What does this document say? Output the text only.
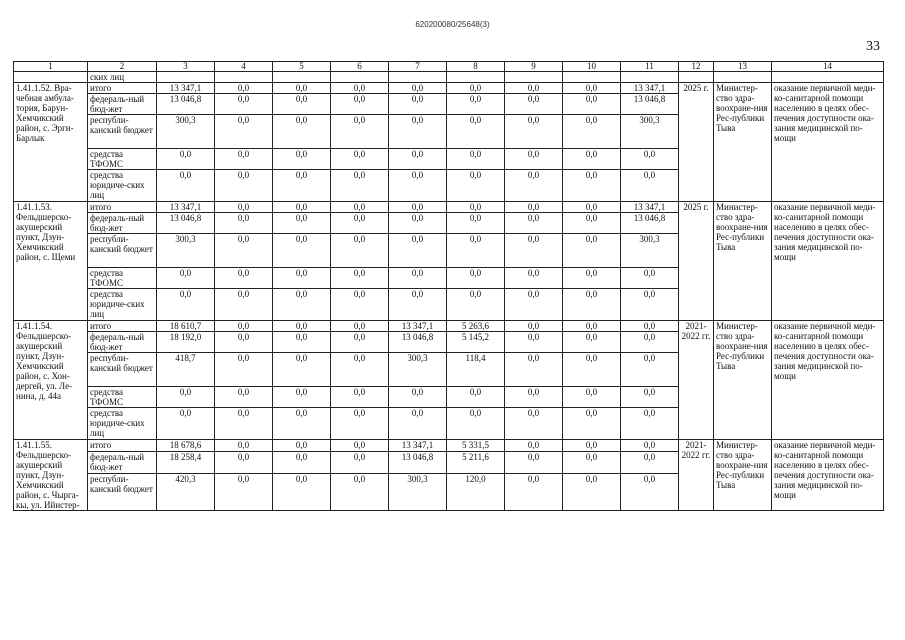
620200080/25648(3)
33
1	2	3	4	5	6	7	8	9	10	11	12	13	14
	ских лиц												
1.41.1.52. Вра-чебная амбула-тория, Барун-Хемчикский район, с. Эрги-Барлык	итого	13 347,1	0,0	0,0	0,0	0,0	0,0	0,0	0,0	13 347,1	2025 г.	Министер-ство здра-воохране-ния Рес-публики Тыва	оказание первичной меди-ко-санитарной помощи населению в целях обес-печения доступности ока-зания медицинской по-мощи
	федераль-ный бюд-жет	13 046,8	0,0	0,0	0,0	0,0	0,0	0,0	0,0	13 046,8			
	республи-канский бюджет	300,3	0,0	0,0	0,0	0,0	0,0	0,0	0,0	300,3			
	средства ТФОМС	0,0	0,0	0,0	0,0	0,0	0,0	0,0	0,0	0,0			
	средства юридиче-ских лиц	0,0	0,0	0,0	0,0	0,0	0,0	0,0	0,0	0,0			
1.41.1.53. Фельдшерско-акушерский пункт, Дзун-Хемчикский район, с. Щеми	итого	13 347,1	0,0	0,0	0,0	0,0	0,0	0,0	0,0	13 347,1	2025 г.	Министер-ство здра-воохране-ния Рес-публики Тыва	оказание первичной меди-ко-санитарной помощи населению в целях обес-печения доступности ока-зания медицинской по-мощи
	федераль-ный бюд-жет	13 046,8	0,0	0,0	0,0	0,0	0,0	0,0	0,0	13 046,8			
	республи-канский бюджет	300,3	0,0	0,0	0,0	0,0	0,0	0,0	0,0	300,3			
	средства ТФОМС	0,0	0,0	0,0	0,0	0,0	0,0	0,0	0,0	0,0			
	средства юридиче-ских лиц	0,0	0,0	0,0	0,0	0,0	0,0	0,0	0,0	0,0			
1.41.1.54. Фельдшерско-акушерский пункт, Дзун-Хемчикский район, с. Хон-дергей, ул. Ле-нина, д. 44а	итого	18 610,7	0,0	0,0	0,0	13 347,1	5 263,6	0,0	0,0	0,0	2021-2022 гг.	Министер-ство здра-воохране-ния Рес-публики Тыва	оказание первичной меди-ко-санитарной помощи населению в целях обес-печения доступности ока-зания медицинской по-мощи
	федераль-ный бюд-жет	18 192,0	0,0	0,0	0,0	13 046,8	5 145,2	0,0	0,0	0,0			
	республи-канский бюджет	418,7	0,0	0,0	0,0	300,3	118,4	0,0	0,0	0,0			
	средства ТФОМС	0,0	0,0	0,0	0,0	0,0	0,0	0,0	0,0	0,0			
	средства юридиче-ских лиц	0,0	0,0	0,0	0,0	0,0	0,0	0,0	0,0	0,0			
1.41.1.55. Фельдшерско-акушерский пункт, Дзун-Хемчикский район, с. Чырга-кы, ул. Ийистер-	итого	18 678,6	0,0	0,0	0,0	13 347,1	5 331,5	0,0	0,0	0,0	2021-2022 гг.	Министер-ство здра-воохране-ния Рес-публики Тыва	оказание первичной меди-ко-санитарной помощи населению в целях обес-печения доступности ока-зания медицинской по-мощи
	федераль-ный бюд-жет	18 258,4	0,0	0,0	0,0	13 046,8	5 211,6	0,0	0,0	0,0			
	республи-канский бюджет	420,3	0,0	0,0	0,0	300,3	120,0	0,0	0,0	0,0			
